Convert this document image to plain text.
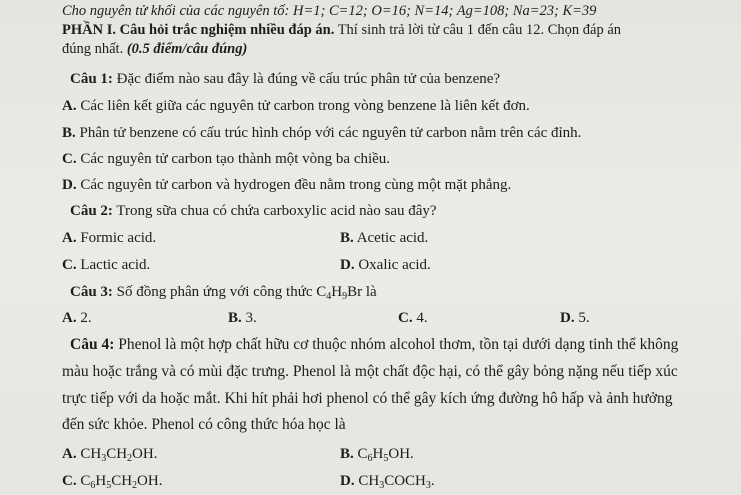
Cho nguyên tử khối của các nguyên tố: H=1; C=12; O=16; N=14; Ag=108; Na=23; K=39
PHẦN I. Câu hỏi trắc nghiệm nhiều đáp án. Thí sinh trả lời từ câu 1 đến câu 12. Chọn đáp án
đúng nhất. (0.5 điểm/câu đúng)
Câu 1: Đặc điểm nào sau đây là đúng về cấu trúc phân tử của benzene?
A. Các liên kết giữa các nguyên tử carbon trong vòng benzene là liên kết đơn.
B. Phân tử benzene có cấu trúc hình chóp với các nguyên tử carbon nằm trên các đỉnh.
C. Các nguyên tử carbon tạo thành một vòng ba chiều.
D. Các nguyên tử carbon và hydrogen đều nằm trong cùng một mặt phẳng.
Câu 2: Trong sữa chua có chứa carboxylic acid nào sau đây?
A. Formic acid.	B. Acetic acid.
C. Lactic acid.	D. Oxalic acid.
Câu 3: Số đồng phân ứng với công thức $C_4H_9Br$ là
A. 2.	B. 3.	C. 4.	D. 5.
Câu 4: Phenol là một hợp chất hữu cơ thuộc nhóm alcohol thơm, tồn tại dưới dạng tinh thể không
màu hoặc trắng và có mùi đặc trưng. Phenol là một chất độc hại, có thể gây bỏng nặng nếu tiếp xúc
trực tiếp với da hoặc mắt. Khi hít phải hơi phenol có thể gây kích ứng đường hô hấp và ảnh hưởng
đến sức khỏe. Phenol có công thức hóa học là
A. $CH_3CH_2OH$.	B. $C_6H_5OH$.
C. $C_6H_5CH_2OH$.	D. $CH_3COCH_3$.
